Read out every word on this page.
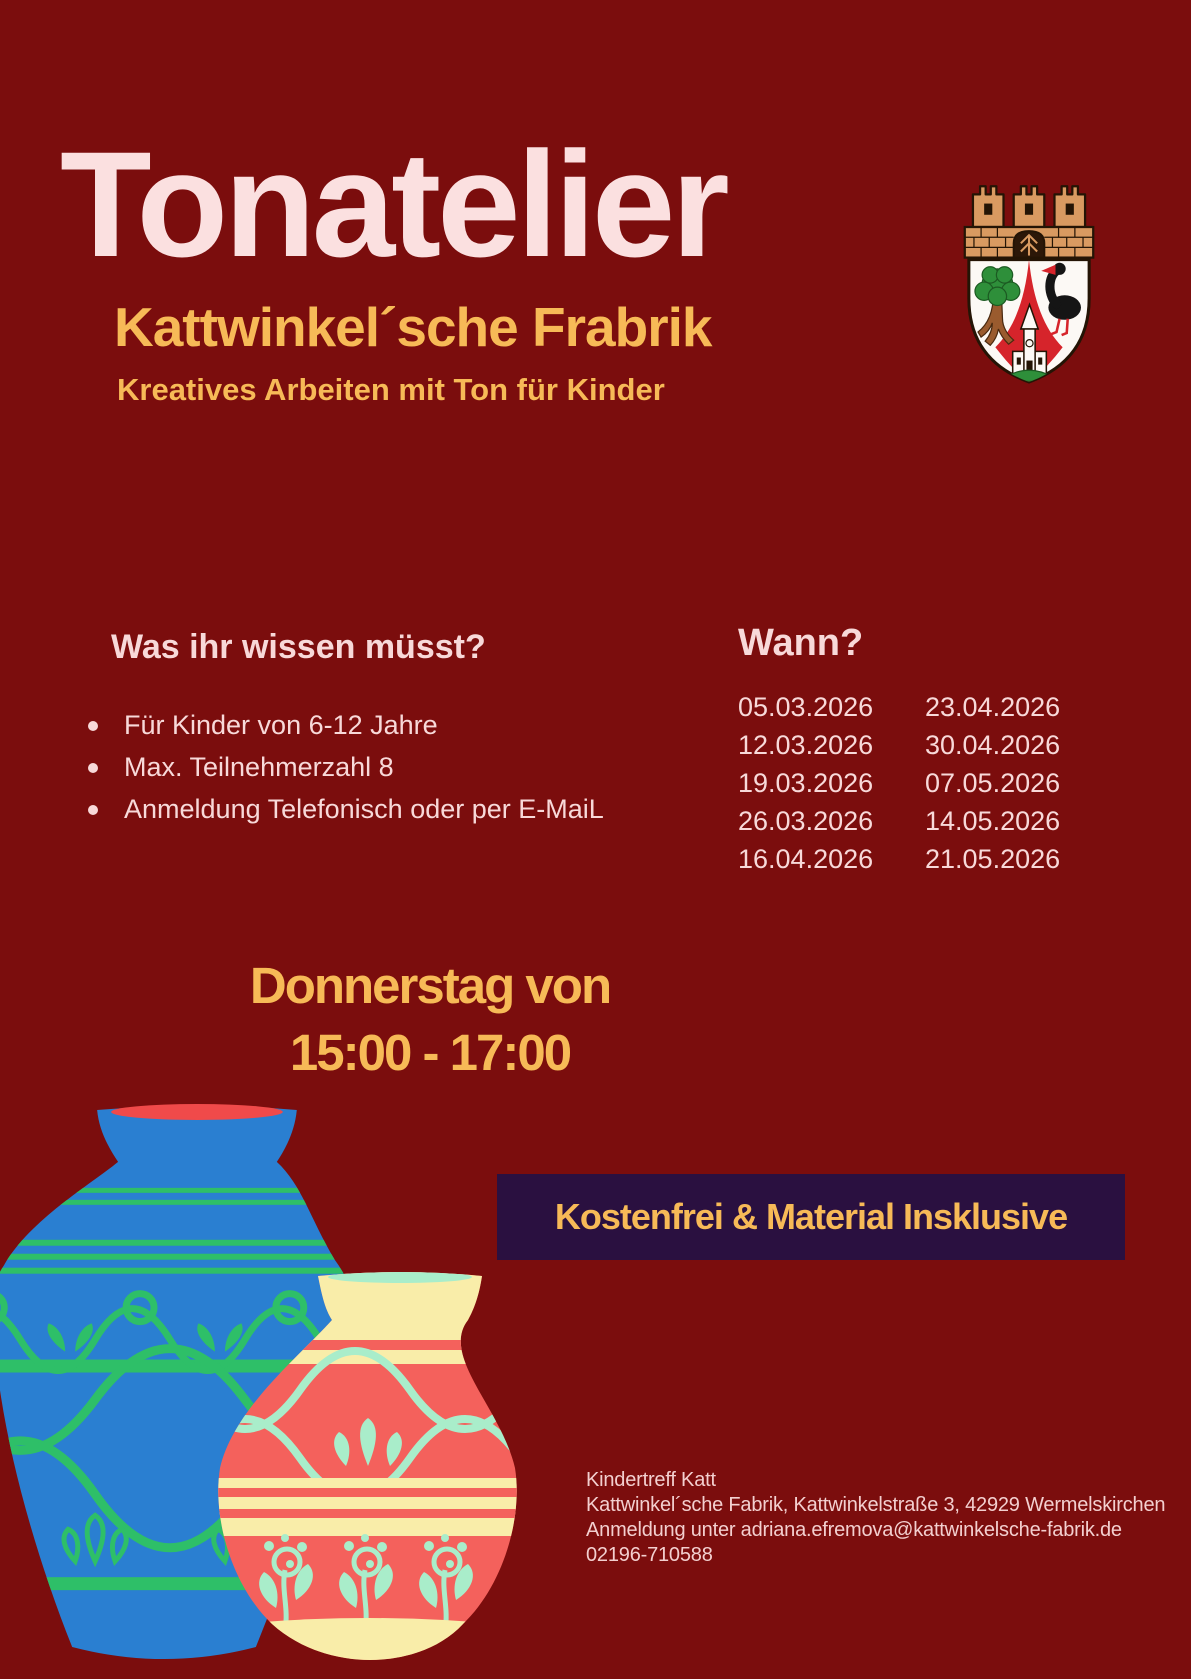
Tonatelier
Kattwinkel´sche Frabrik
Kreatives Arbeiten mit Ton für Kinder
Was ihr wissen müsst?
Für Kinder von 6-12 Jahre
Max. Teilnehmerzahl 8
Anmeldung Telefonisch oder per E-MaiL
Wann?
05.03.2026
12.03.2026
19.03.2026
26.03.2026
16.04.2026
23.04.2026
30.04.2026
07.05.2026
14.05.2026
21.05.2026
Donnerstag von
15:00 - 17:00
Kostenfrei & Material Insklusive
Kindertreff Katt
Kattwinkel´sche Fabrik, Kattwinkelstraße 3, 42929 Wermelskirchen
Anmeldung unter adriana.efremova@kattwinkelsche-fabrik.de
02196-710588
